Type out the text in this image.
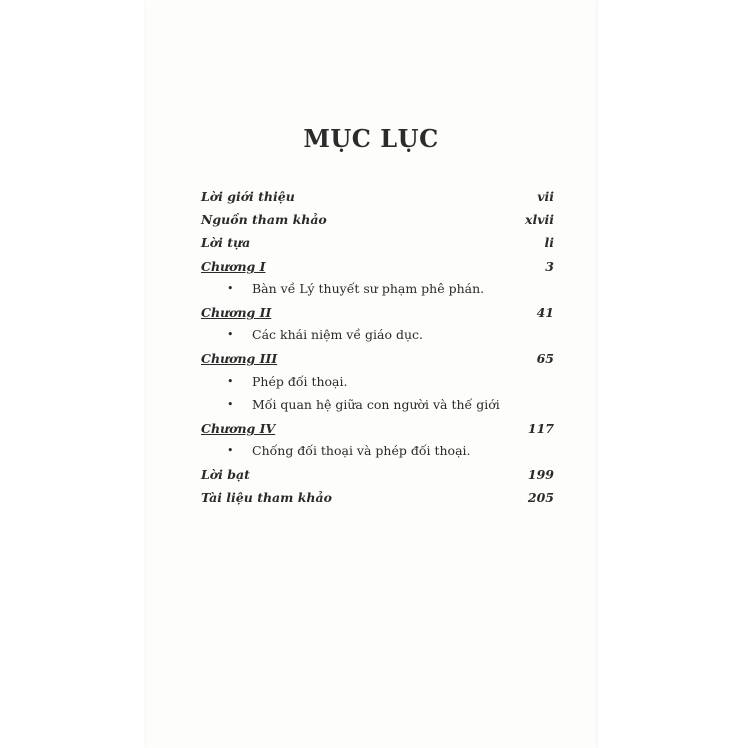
MỤC LỤC
Lời giới thiệu	vii
Nguồn tham khảo	xlvii
Lời tựa	li
Chương I	3
• Bàn về Lý thuyết sư phạm phê phán.
Chương II	41
• Các khái niệm về giáo dục.
Chương III	65
• Phép đối thoại.
• Mối quan hệ giữa con người và thế giới
Chương IV	117
• Chống đối thoại và phép đối thoại.
Lời bạt	199
Tài liệu tham khảo	205
